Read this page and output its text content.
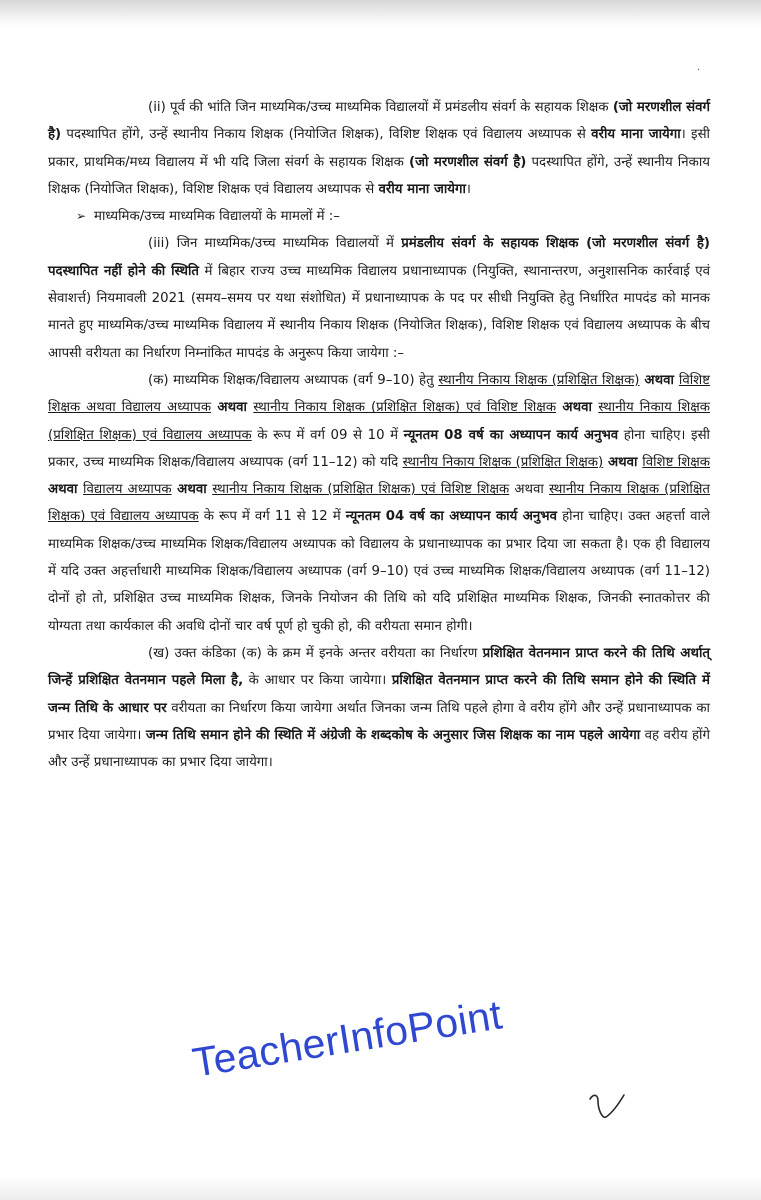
.

(ii) पूर्व की भांति जिन माध्यमिक/उच्च माध्यमिक विद्यालयों में प्रमंडलीय संवर्ग के सहायक शिक्षक (जो मरणशील संवर्ग है) पदस्थापित होंगे, उन्हें स्थानीय निकाय शिक्षक (नियोजित शिक्षक), विशिष्ट शिक्षक एवं विद्यालय अध्यापक से वरीय माना जायेगा। इसी प्रकार, प्राथमिक/मध्य विद्यालय में भी यदि जिला संवर्ग के सहायक शिक्षक (जो मरणशील संवर्ग है) पदस्थापित होंगे, उन्हें स्थानीय निकाय शिक्षक (नियोजित शिक्षक), विशिष्ट शिक्षक एवं विद्यालय अध्यापक से वरीय माना जायेगा।

➢ माध्यमिक/उच्च माध्यमिक विद्यालयों के मामलों में :–

(iii) जिन माध्यमिक/उच्च माध्यमिक विद्यालयों में प्रमंडलीय संवर्ग के सहायक शिक्षक (जो मरणशील संवर्ग है) पदस्थापित नहीं होने की स्थिति में बिहार राज्य उच्च माध्यमिक विद्यालय प्रधानाध्यापक (नियुक्ति, स्थानान्तरण, अनुशासनिक कार्रवाई एवं सेवाशर्त्त) नियमावली 2021 (समय–समय पर यथा संशोधित) में प्रधानाध्यापक के पद पर सीधी नियुक्ति हेतु निर्धारित मापदंड को मानक मानते हुए माध्यमिक/उच्च माध्यमिक विद्यालय में स्थानीय निकाय शिक्षक (नियोजित शिक्षक), विशिष्ट शिक्षक एवं विद्यालय अध्यापक के बीच आपसी वरीयता का निर्धारण निम्नांकित मापदंड के अनुरूप किया जायेगा :–

(क) माध्यमिक शिक्षक/विद्यालय अध्यापक (वर्ग 9–10) हेतु स्थानीय निकाय शिक्षक (प्रशिक्षित शिक्षक) अथवा विशिष्ट शिक्षक अथवा विद्यालय अध्यापक अथवा स्थानीय निकाय शिक्षक (प्रशिक्षित शिक्षक) एवं विशिष्ट शिक्षक अथवा स्थानीय निकाय शिक्षक (प्रशिक्षित शिक्षक) एवं विद्यालय अध्यापक के रूप में वर्ग 09 से 10 में न्यूनतम 08 वर्ष का अध्यापन कार्य अनुभव होना चाहिए। इसी प्रकार, उच्च माध्यमिक शिक्षक/विद्यालय अध्यापक (वर्ग 11–12) को यदि स्थानीय निकाय शिक्षक (प्रशिक्षित शिक्षक) अथवा विशिष्ट शिक्षक अथवा विद्यालय अध्यापक अथवा स्थानीय निकाय शिक्षक (प्रशिक्षित शिक्षक) एवं विशिष्ट शिक्षक अथवा स्थानीय निकाय शिक्षक (प्रशिक्षित शिक्षक) एवं विद्यालय अध्यापक के रूप में वर्ग 11 से 12 में न्यूनतम 04 वर्ष का अध्यापन कार्य अनुभव होना चाहिए। उक्त अहर्त्ता वाले माध्यमिक शिक्षक/उच्च माध्यमिक शिक्षक/विद्यालय अध्यापक को विद्यालय के प्रधानाध्यापक का प्रभार दिया जा सकता है। एक ही विद्यालय में यदि उक्त अहर्त्ताधारी माध्यमिक शिक्षक/विद्यालय अध्यापक (वर्ग 9–10) एवं उच्च माध्यमिक शिक्षक/विद्यालय अध्यापक (वर्ग 11–12) दोनों हो तो, प्रशिक्षित उच्च माध्यमिक शिक्षक, जिनके नियोजन की तिथि को यदि प्रशिक्षित माध्यमिक शिक्षक, जिनकी स्नातकोत्तर की योग्यता तथा कार्यकाल की अवधि दोनों चार वर्ष पूर्ण हो चुकी हो, की वरीयता समान होगी।

(ख) उक्त कंडिका (क) के क्रम में इनके अन्तर वरीयता का निर्धारण प्रशिक्षित वेतनमान प्राप्त करने की तिथि अर्थात् जिन्हें प्रशिक्षित वेतनमान पहले मिला है, के आधार पर किया जायेगा। प्रशिक्षित वेतनमान प्राप्त करने की तिथि समान होने की स्थिति में जन्म तिथि के आधार पर वरीयता का निर्धारण किया जायेगा अर्थात जिनका जन्म तिथि पहले होगा वे वरीय होंगे और उन्हें प्रधानाध्यापक का प्रभार दिया जायेगा। जन्म तिथि समान होने की स्थिति में अंग्रेजी के शब्दकोष के अनुसार जिस शिक्षक का नाम पहले आयेगा वह वरीय होंगे और उन्हें प्रधानाध्यापक का प्रभार दिया जायेगा।

TeacherInfoPoint
